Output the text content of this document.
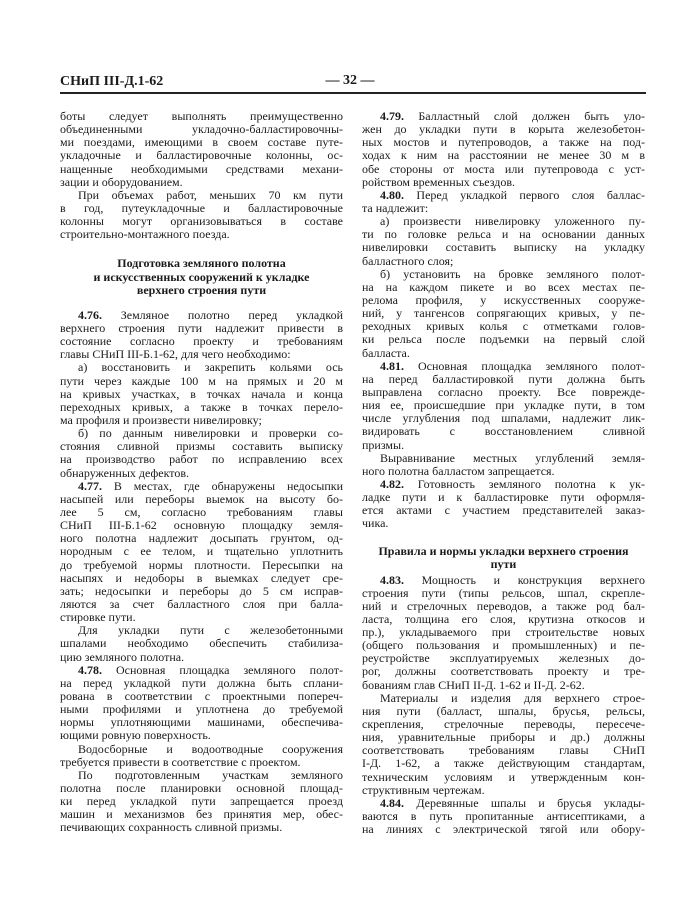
СНиП III-Д.1-62	— 32 —
боты следует выполнять преимущественно
объединенными укладочно-балластировочны-
ми поездами, имеющими в своем составе путе-
укладочные и балластировочные колонны, ос-
нащенные необходимыми средствами механи-
зации и оборудованием.
При объемах работ, меньших 70 км пути
в год, путеукладочные и балластировочные
колонны могут организовываться в составе
строительно-монтажного поезда.
Подготовка земляного полотна
и искусственных сооружений к укладке
верхнего строения пути
4.76. Земляное полотно перед укладкой
верхнего строения пути надлежит привести в
состояние согласно проекту и требованиям
главы СНиП III-Б.1-62, для чего необходимо:
а) восстановить и закрепить кольями ось
пути через каждые 100 м на прямых и 20 м
на кривых участках, в точках начала и конца
переходных кривых, а также в точках перело-
ма профиля и произвести нивелировку;
б) по данным нивелировки и проверки со-
стояния сливной призмы составить выписку
на производство работ по исправлению всех
обнаруженных дефектов.
4.77. В местах, где обнаружены недосыпки
насыпей или переборы выемок на высоту бо-
лее 5 см, согласно требованиям главы
СНиП III-Б.1-62 основную площадку земля-
ного полотна надлежит досыпать грунтом, од-
нородным с ее телом, и тщательно уплотнить
до требуемой нормы плотности. Пересыпки на
насыпях и недоборы в выемках следует сре-
зать; недосыпки и переборы до 5 см исправ-
ляются за счет балластного слоя при балла-
стировке пути.
Для укладки пути с железобетонными
шпалами необходимо обеспечить стабилиза-
цию земляного полотна.
4.78. Основная площадка земляного полот-
на перед укладкой пути должна быть сплани-
рована в соответствии с проектными попереч-
ными профилями и уплотнена до требуемой
нормы уплотняющими машинами, обеспечива-
ющими ровную поверхность.
Водосборные и водоотводные сооружения
требуется привести в соответствие с проектом.
По подготовленным участкам земляного
полотна после планировки основной площад-
ки перед укладкой пути запрещается проезд
машин и механизмов без принятия мер, обес-
печивающих сохранность сливной призмы.
4.79. Балластный слой должен быть уло-
жен до укладки пути в корыта железобетон-
ных мостов и путепроводов, а также на под-
ходах к ним на расстоянии не менее 30 м в
обе стороны от моста или путепровода с уст-
ройством временных съездов.
4.80. Перед укладкой первого слоя баллас-
та надлежит:
а) произвести нивелировку уложенного пу-
ти по головке рельса и на основании данных
нивелировки составить выписку на укладку
балластного слоя;
б) установить на бровке земляного полот-
на на каждом пикете и во всех местах пе-
релома профиля, у искусственных сооруже-
ний, у тангенсов сопрягающих кривых, у пе-
реходных кривых колья с отметками голов-
ки рельса после подъемки на первый слой
балласта.
4.81. Основная площадка земляного полот-
на перед балластировкой пути должна быть
выправлена согласно проекту. Все поврежде-
ния ее, происшедшие при укладке пути, в том
числе углубления под шпалами, надлежит лик-
видировать с восстановлением сливной
призмы.
Выравнивание местных углублений земля-
ного полотна балластом запрещается.
4.82. Готовность земляного полотна к ук-
ладке пути и к балластировке пути оформля-
ется актами с участием представителей заказ-
чика.
Правила и нормы укладки верхнего строения
пути
4.83. Мощность и конструкция верхнего
строения пути (типы рельсов, шпал, скрепле-
ний и стрелочных переводов, а также род бал-
ласта, толщина его слоя, крутизна откосов и
пр.), укладываемого при строительстве новых
(общего пользования и промышленных) и пе-
реустройстве эксплуатируемых железных до-
рог, должны соответствовать проекту и тре-
бованиям глав СНиП II-Д. 1-62 и II-Д. 2-62.
Материалы и изделия для верхнего строе-
ния пути (балласт, шпалы, брусья, рельсы,
скрепления, стрелочные переводы, пересече-
ния, уравнительные приборы и др.) должны
соответствовать требованиям главы СНиП
I-Д. 1-62, а также действующим стандартам,
техническим условиям и утвержденным кон-
структивным чертежам.
4.84. Деревянные шпалы и брусья уклады-
ваются в путь пропитанные антисептиками, а
на линиях с электрической тягой или обору-
